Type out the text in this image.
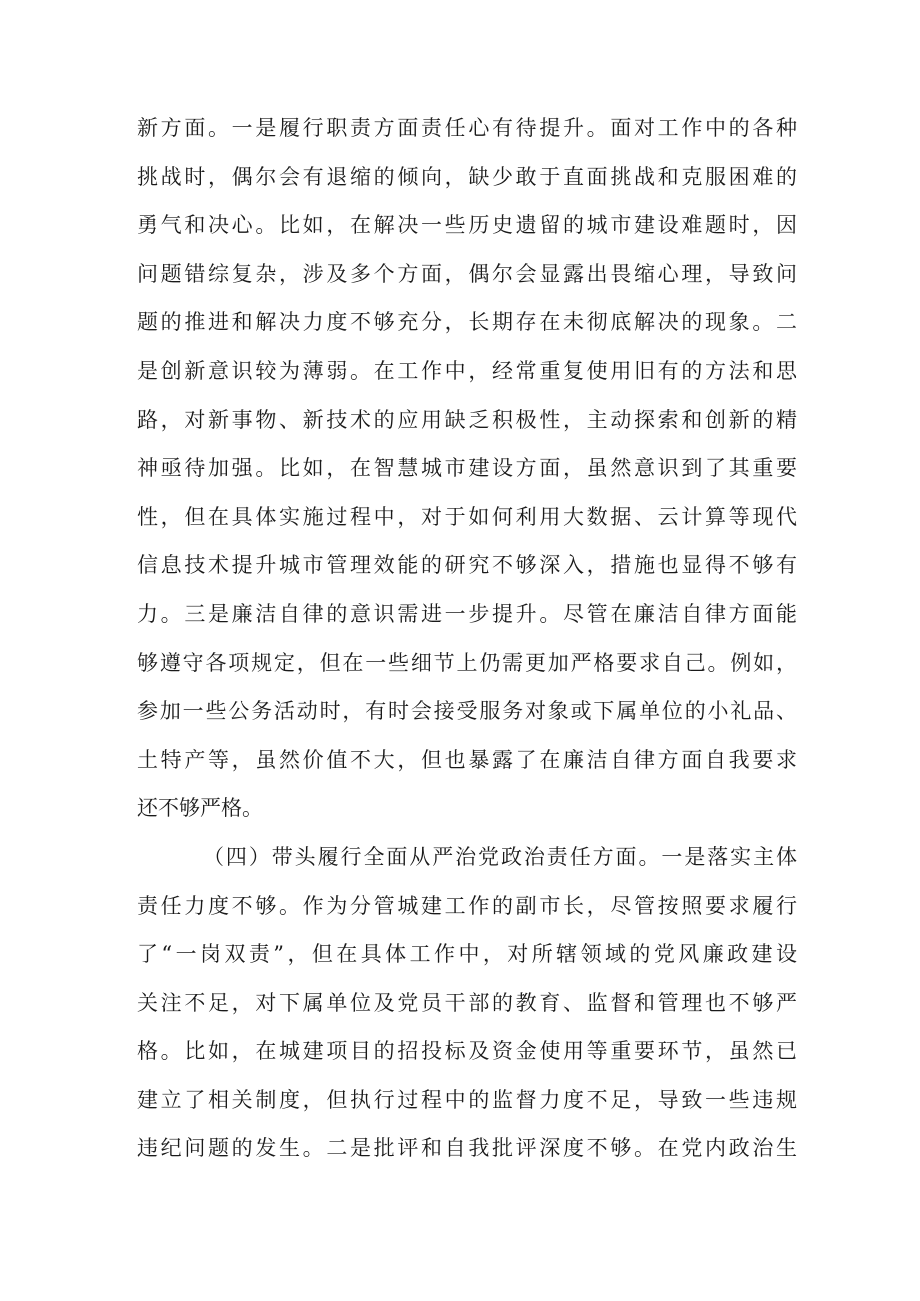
新方面。一是履行职责方面责任心有待提升。面对工作中的各种
挑战时，偶尔会有退缩的倾向，缺少敢于直面挑战和克服困难的
勇气和决心。比如，在解决一些历史遗留的城市建设难题时，因
问题错综复杂，涉及多个方面，偶尔会显露出畏缩心理，导致问
题的推进和解决力度不够充分，长期存在未彻底解决的现象。二
是创新意识较为薄弱。在工作中，经常重复使用旧有的方法和思
路，对新事物、新技术的应用缺乏积极性，主动探索和创新的精
神亟待加强。比如，在智慧城市建设方面，虽然意识到了其重要
性，但在具体实施过程中，对于如何利用大数据、云计算等现代
信息技术提升城市管理效能的研究不够深入，措施也显得不够有
力。三是廉洁自律的意识需进一步提升。尽管在廉洁自律方面能
够遵守各项规定，但在一些细节上仍需更加严格要求自己。例如，
参加一些公务活动时，有时会接受服务对象或下属单位的小礼品、
土特产等，虽然价值不大，但也暴露了在廉洁自律方面自我要求
还不够严格。
（四）带头履行全面从严治党政治责任方面。一是落实主体
责任力度不够。作为分管城建工作的副市长，尽管按照要求履行
了“一岗双责”，但在具体工作中，对所辖领域的党风廉政建设
关注不足，对下属单位及党员干部的教育、监督和管理也不够严
格。比如，在城建项目的招投标及资金使用等重要环节，虽然已
建立了相关制度，但执行过程中的监督力度不足，导致一些违规
违纪问题的发生。二是批评和自我批评深度不够。在党内政治生
